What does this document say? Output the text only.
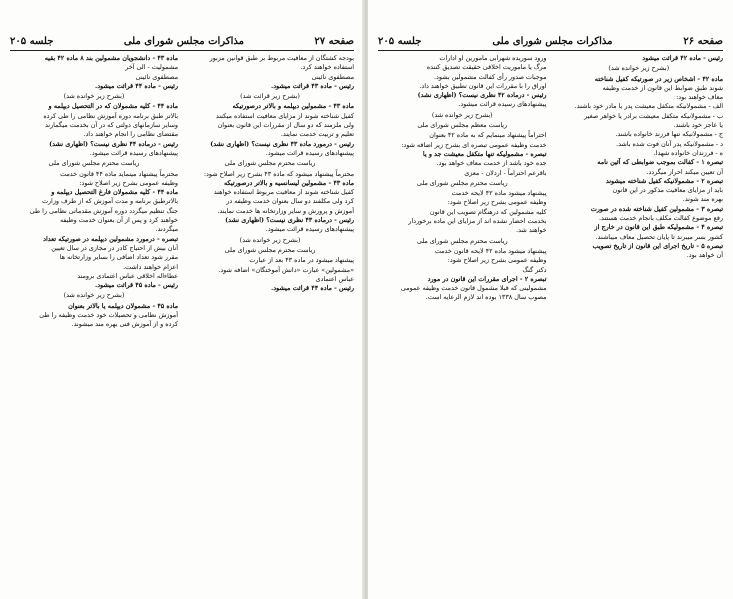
صفحه ۲۷
مذاکرات مجلس شورای ملی
جلسه ۲۰۵

بودجه کشتگان از معافیت مربوط بر طبق قوانین مزبور

استفاده خواهند کرد.

مصطفوی نائینی

رئیس - ماده ۴۳ قرائت میشود.

(بشرح زیر قرائت شد)

ماده ۴۳ - مشمولین دیپلمه و بالاتر درصورتیکه

کفیل شناخته شوند از مزایای معافیت استفاده میکنند

ولی ملزمند که دو سال از مقررات این قانون بعنوان

تعلیم و تربیت خدمت نمایند.

رئیس - درمورد ماده ۴۳ نظری نیست؟ (اظهاری نشد)

پیشنهادهای رسیده قرائت میشود.

ریاست محترم مجلس شورای ملی

محترماً پیشنهاد میشود که ماده ۴۳ بشرح زیر اصلاح شود:

ماده ۴۳ - مشمولین لیسانسیه و بالاتر درصورتیکه

کفیل شناخته شوند از معافیت مربوط استفاده خواهند

کرد ولی مکلفند دو سال بعنوان خدمت وظیفه در

آموزش و پرورش و سایر وزارتخانه ها خدمت نمایند.

رئیس - درماده ۴۳ نظری نیست؟ (اظهاری نشد)

پیشنهادهای رسیده قرائت میشود.

(بشرح زیر خوانده شد)

ریاست محترم مجلس شورای ملی

پیشنهاد میشود در ماده ۴۳ بعد از عبارت

«مشمولین» عبارت «دانش آموختگان» اضافه شود.

عباس اعتمادی

رئیس - ماده ۴۴ قرائت میشود.

ماده ۴۳ - دانشجویان مشمولین بند ۸ ماده ۴۲ بقیه

مشمولیت - الی آخر

مصطفوی نائینی

رئیس - ماده ۴۴ قرائت میشود.

(بشرح زیر خوانده شد)

ماده ۴۴ - کلیه مشمولان که در التحصیل دیپلمه و

بالاتر طبق برنامه دوره آموزش نظامی را طی کرده

وسایر سازمانهای دولتی که در آن بخدمت میگمارند

مقتضای نظامی را انجام خواهند داد.

رئیس - درماده ۴۴ نظری نیست؟ (اظهاری نشد)

پیشنهادهای رسیده قرائت میشود.

ریاست محترم مجلس شورای ملی

محترماً پیشنهاد مینماید ماده ۴۴ قانون خدمت

وظیفه عمومی بشرح زیر اصلاح شود:

ماده ۴۴ - کلیه مشمولان فارغ التحصیل دیپلمه و

بالاترطبق برنامه و مدت آموزش که از طرف وزارت

جنگ تنظیم میگردد دوره آموزش مقدماتی نظامی را طی

خواهند کرد و پس از آن بعنوان خدمت وظیفه

میگردند.

تبصره - درمورد مشمولین دیپلمه در صورتیکه تعداد

آنان بیش از احتیاج کادر در مجازی در سال تعیین

مقرر شود تعداد اضافی را بسایر وزارتخانه ها

اعزام خواهند داشت.

عطاءاله اخلاقی عباس اعتمادی برومند

رئیس - ماده ۴۵ قرائت میشود.

(بشرح زیر خوانده شد)

ماده ۴۵ - مشمولان دیپلمه یا بالاتر بعنوان

آموزش نظامی و تحصیلات خود خدمت وظیفه را طی

کرده و از آموزش فنی بهره مند میشوند.

صفحه ۲۶
مذاکرات مجلس شورای ملی
جلسه ۲۰۵

رئیس - ماده ۴۲ قرائت میشود

(بشرح زیر خوانده شد)

ماده ۴۲ - اشخاص زیر در صورتیکه کفیل شناخته

شوند طبق ضوابط این قانون از خدمت وظیفه

معاف خواهند بود:

الف - مشمولانیکه متکفل معیشت پدر یا مادر خود باشند.

ب - مشمولانیکه متکفل معیشت برادر یا خواهر صغیر

یا عاجز خود باشند.

ج - مشمولانیکه تنها فرزند خانواده باشند.

د - مشمولانیکه پدر آنان فوت شده باشد.

ه - فرزندان خانواده شهدا.

تبصره ۱ - کفالت بموجب ضوابطی که آئین نامه

آن تعیین میکند احراز میگردد.

تبصره ۲ - مشمولانیکه کفیل شناخته میشوند

باید از مزایای معافیت مذکور در این قانون

بهره مند شوند.

تبصره ۳ - مشمولین کفیل شناخته شده در صورت

رفع موضوع کفالت مکلف بانجام خدمت هستند.

تبصره ۴ - مشمولیکه طبق این قانون در خارج از

کشور بسر میبرند تا پایان تحصیل معاف میباشند.

تبصره ۵ - تاریخ اجرای این قانون از تاریخ تصویب

آن خواهد بود.

ورود سوریده شهرابی مامورین او ادارات

مرگ یا ماموریت اخلاقی حقیقت تصدیق کننده

موجبات صدور رأی کفالت مشمولین بشود.

اوراق را با مقررات این قانون تطبیق خواهند داد.

رئیس - درماده ۴۲ نظری نیست؟ (اظهاری نشد)

پیشنهادهای رسیده قرائت میشود.

(بشرح زیر خوانده شد)

ریاست معظم مجلس شورای ملی

احتراماً پیشنهاد مینمایم که به ماده ۴۲ بعنوان

خدمت وظیفه عمومی تبصره ای بشرح زیر اضافه شود:

تبصره - مشمولیکه تنها متکفل معیشت جد و یا

جده خود باشد از خدمت معاف خواهد بود.

باقرعم احتراماً - اردلان - معزی

ریاست محترم مجلس شورای ملی

پیشنهاد میشود ماده ۴۲ لایحه خدمت

وظیفه عمومی بشرح زیر اصلاح شود:

کلیه مشمولین که درهنگام تصویب این قانون

بخدمت احضار نشده اند از مزایای این ماده برخوردار

خواهند شد.

ریاست محترم مجلس شورای ملی

پیشنهاد میشود ماده ۴۲ لایحه قانون خدمت

وظیفه عمومی بشرح زیر اصلاح شود:

دکتر گنگ

تبصره ۲ - اجرای مقررات این قانون در مورد

مشمولینی که قبلا مشمول قانون خدمت وظیفه عمومی

مصوب سال ۱۳۳۸ بوده اند لازم الرعایه است.
